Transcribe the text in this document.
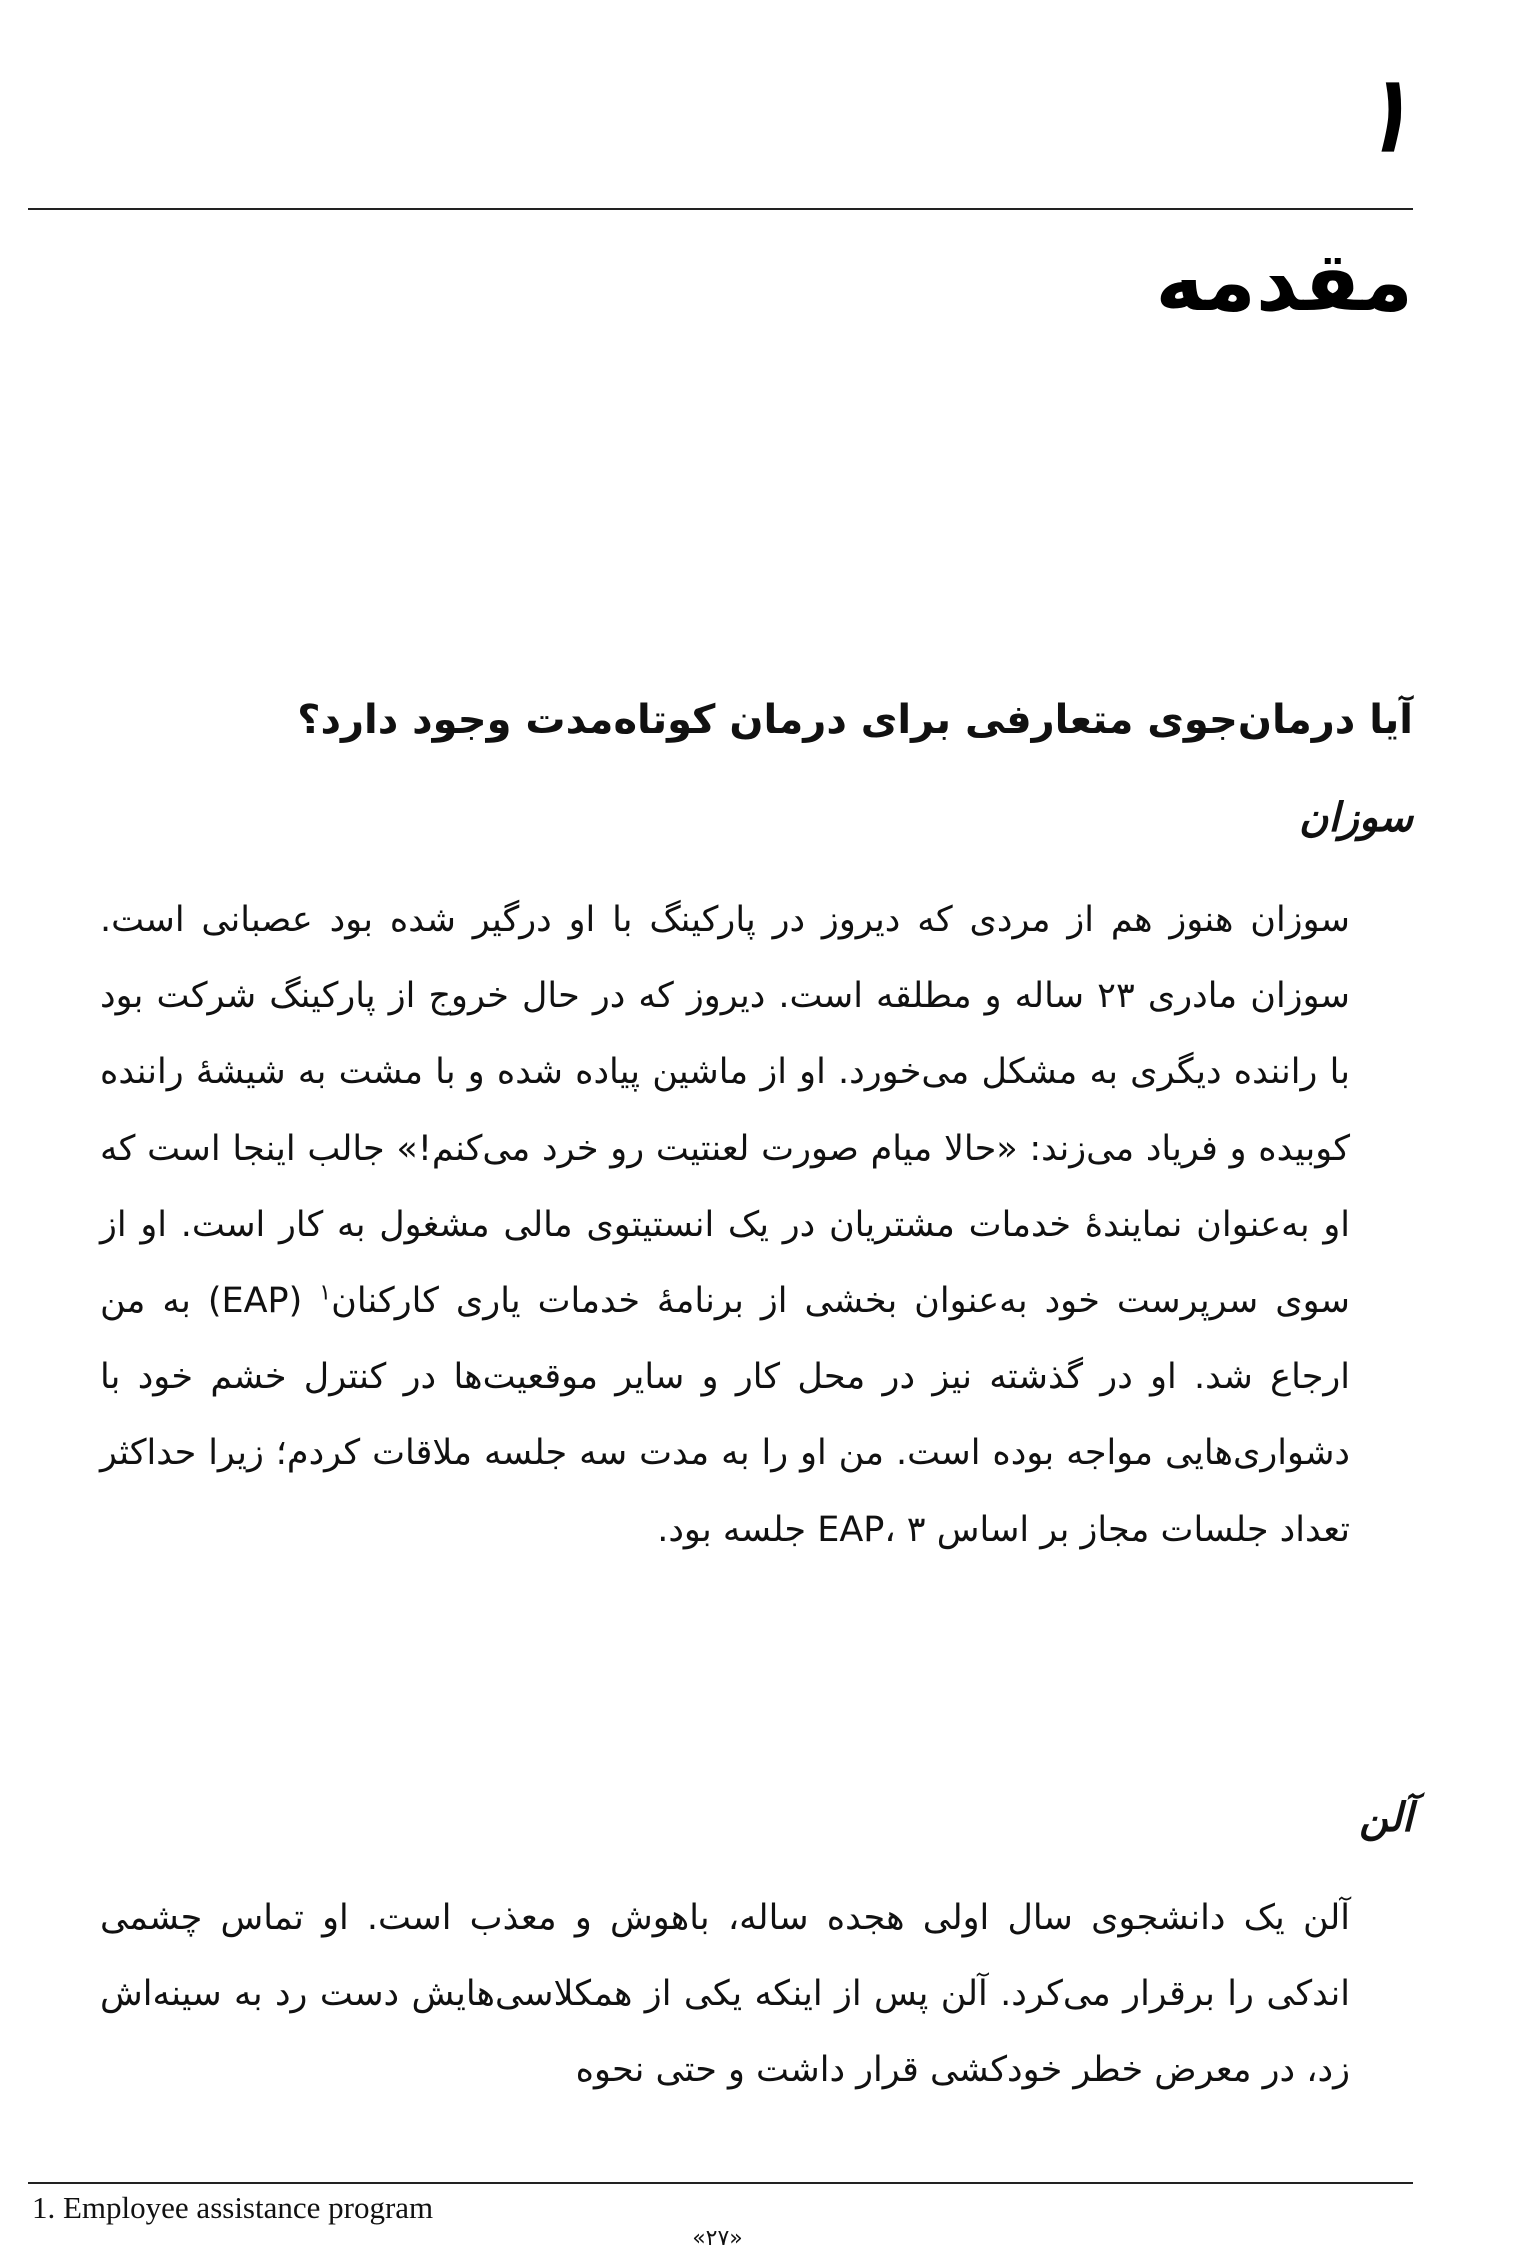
۱
مقدمه
آیا درمان‌جوی متعارفی برای درمان کوتاه‌مدت وجود دارد؟
سوزان

سوزان هنوز هم از مردی که دیروز در پارکینگ با او درگیر شده بود عصبانی است. سوزان مادری ۲۳ ساله و مطلقه است. دیروز که در حال خروج از پارکینگ شرکت بود با راننده دیگری به مشکل می‌خورد. او از ماشین پیاده شده و با مشت به شیشهٔ راننده کوبیده و فریاد می‌زند: «حالا میام صورت لعنتیت رو خرد می‌کنم!» جالب اینجا است که او به‌عنوان نمایندهٔ خدمات مشتریان در یک انستیتوی مالی مشغول به کار است. او از سوی سرپرست خود به‌عنوان بخشی از برنامهٔ خدمات یاری کارکنان$^۱$ (EAP) به من ارجاع شد. او در گذشته نیز در محل کار و سایر موقعیت‌ها در کنترل خشم خود با دشواری‌هایی مواجه بوده است. من او را به مدت سه جلسه ملاقات کردم؛ زیرا حداکثر تعداد جلسات مجاز بر اساس EAP، ۳ جلسه بود.

آلن

آلن یک دانشجوی سال اولی هجده ساله، باهوش و معذب است. او تماس چشمی اندکی را برقرار می‌کرد. آلن پس از اینکه یکی از همکلاسی‌هایش دست رد به سینه‌اش زد، در معرض خطر خودکشی قرار داشت و حتی نحوه

1. Employee assistance program
«۲۷»
